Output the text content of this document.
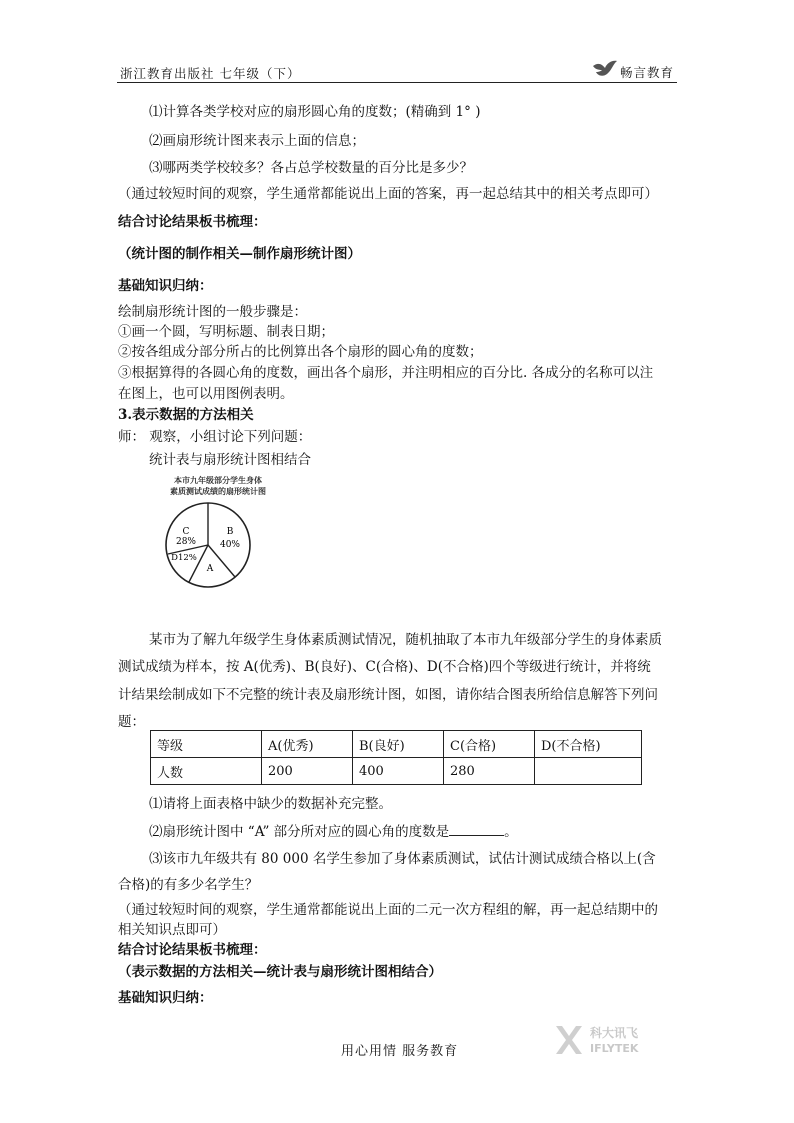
浙江教育出版社 七年级（下）	畅言教育
⑴计算各类学校对应的扇形圆心角的度数；(精确到 1° )
⑵画扇形统计图来表示上面的信息；
⑶哪两类学校较多？各占总学校数量的百分比是多少？
（通过较短时间的观察，学生通常都能说出上面的答案，再一起总结其中的相关考点即可）
结合讨论结果板书梳理：
（统计图的制作相关—制作扇形统计图）
基础知识归纳：
绘制扇形统计图的一般步骤是：
①画一个圆，写明标题、制表日期；
②按各组成分部分所占的比例算出各个扇形的圆心角的度数；
③根据算得的各圆心角的度数，画出各个扇形，并注明相应的百分比. 各成分的名称可以注
在图上，也可以用图例表明。
3.表示数据的方法相关
师： 观察，小组讨论下列问题：
统计表与扇形统计图相结合
本市九年级部分学生身体
素质测试成绩的扇形统计图
C
28%
B
40%
D12%
A
某市为了解九年级学生身体素质测试情况，随机抽取了本市九年级部分学生的身体素质
测试成绩为样本，按 A(优秀)、B(良好)、C(合格)、D(不合格)四个等级进行统计，并将统
计结果绘制成如下不完整的统计表及扇形统计图，如图，请你结合图表所给信息解答下列问
题：
等级	A(优秀)	B(良好)	C(合格)	D(不合格)
人数	200	400	280	
⑴请将上面表格中缺少的数据补充完整。
⑵扇形统计图中 “A” 部分所对应的圆心角的度数是	。
⑶该市九年级共有 80 000 名学生参加了身体素质测试，试估计测试成绩合格以上(含
合格)的有多少名学生？
（通过较短时间的观察，学生通常都能说出上面的二元一次方程组的解，再一起总结期中的
相关知识点即可）
结合讨论结果板书梳理：
（表示数据的方法相关—统计表与扇形统计图相结合）
基础知识归纳：
用心用情 服务教育
科大讯飞
IFLYTEK
